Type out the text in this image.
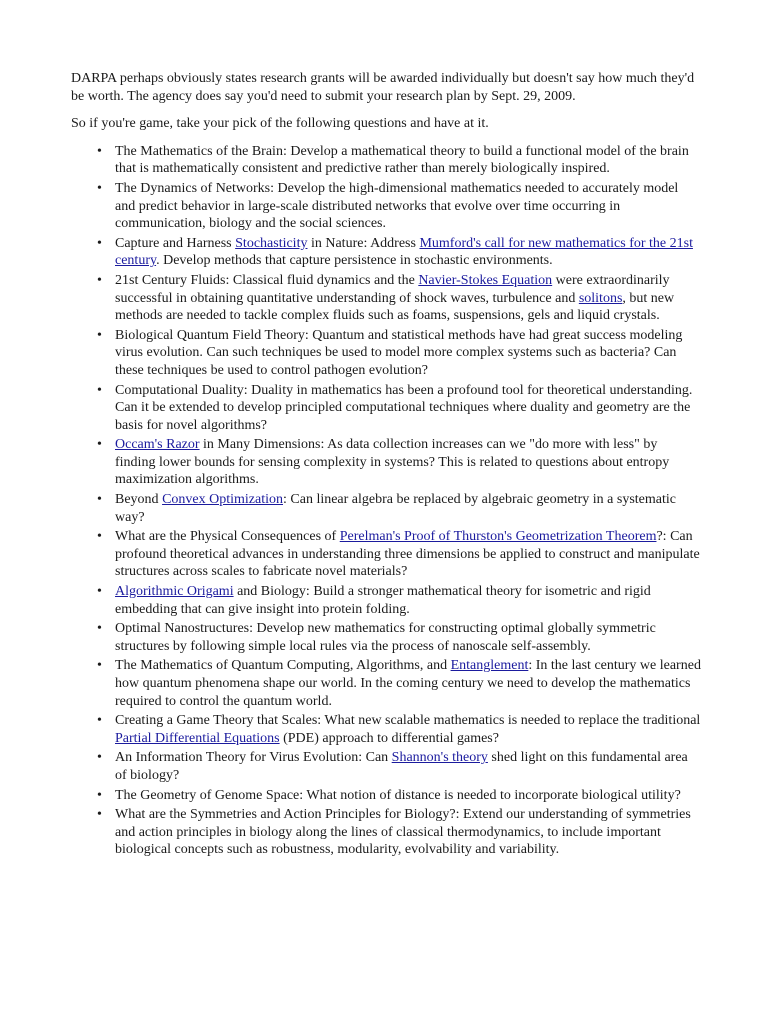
DARPA perhaps obviously states research grants will be awarded individually but doesn't say how much they'd be worth. The agency does say you'd need to submit your research plan by Sept. 29, 2009.

So if you're game, take your pick of the following questions and have at it.

• The Mathematics of the Brain: Develop a mathematical theory to build a functional model of the brain that is mathematically consistent and predictive rather than merely biologically inspired.
• The Dynamics of Networks: Develop the high-dimensional mathematics needed to accurately model and predict behavior in large-scale distributed networks that evolve over time occurring in communication, biology and the social sciences.
• Capture and Harness Stochasticity in Nature: Address Mumford's call for new mathematics for the 21st century. Develop methods that capture persistence in stochastic environments.
• 21st Century Fluids: Classical fluid dynamics and the Navier-Stokes Equation were extraordinarily successful in obtaining quantitative understanding of shock waves, turbulence and solitons, but new methods are needed to tackle complex fluids such as foams, suspensions, gels and liquid crystals.
• Biological Quantum Field Theory: Quantum and statistical methods have had great success modeling virus evolution. Can such techniques be used to model more complex systems such as bacteria? Can these techniques be used to control pathogen evolution?
• Computational Duality: Duality in mathematics has been a profound tool for theoretical understanding. Can it be extended to develop principled computational techniques where duality and geometry are the basis for novel algorithms?
• Occam's Razor in Many Dimensions: As data collection increases can we "do more with less" by finding lower bounds for sensing complexity in systems? This is related to questions about entropy maximization algorithms.
• Beyond Convex Optimization: Can linear algebra be replaced by algebraic geometry in a systematic way?
• What are the Physical Consequences of Perelman's Proof of Thurston's Geometrization Theorem?: Can profound theoretical advances in understanding three dimensions be applied to construct and manipulate structures across scales to fabricate novel materials?
• Algorithmic Origami and Biology: Build a stronger mathematical theory for isometric and rigid embedding that can give insight into protein folding.
• Optimal Nanostructures: Develop new mathematics for constructing optimal globally symmetric structures by following simple local rules via the process of nanoscale self-assembly.
• The Mathematics of Quantum Computing, Algorithms, and Entanglement: In the last century we learned how quantum phenomena shape our world. In the coming century we need to develop the mathematics required to control the quantum world.
• Creating a Game Theory that Scales: What new scalable mathematics is needed to replace the traditional Partial Differential Equations (PDE) approach to differential games?
• An Information Theory for Virus Evolution: Can Shannon's theory shed light on this fundamental area of biology?
• The Geometry of Genome Space: What notion of distance is needed to incorporate biological utility?
• What are the Symmetries and Action Principles for Biology?: Extend our understanding of symmetries and action principles in biology along the lines of classical thermodynamics, to include important biological concepts such as robustness, modularity, evolvability and variability.
